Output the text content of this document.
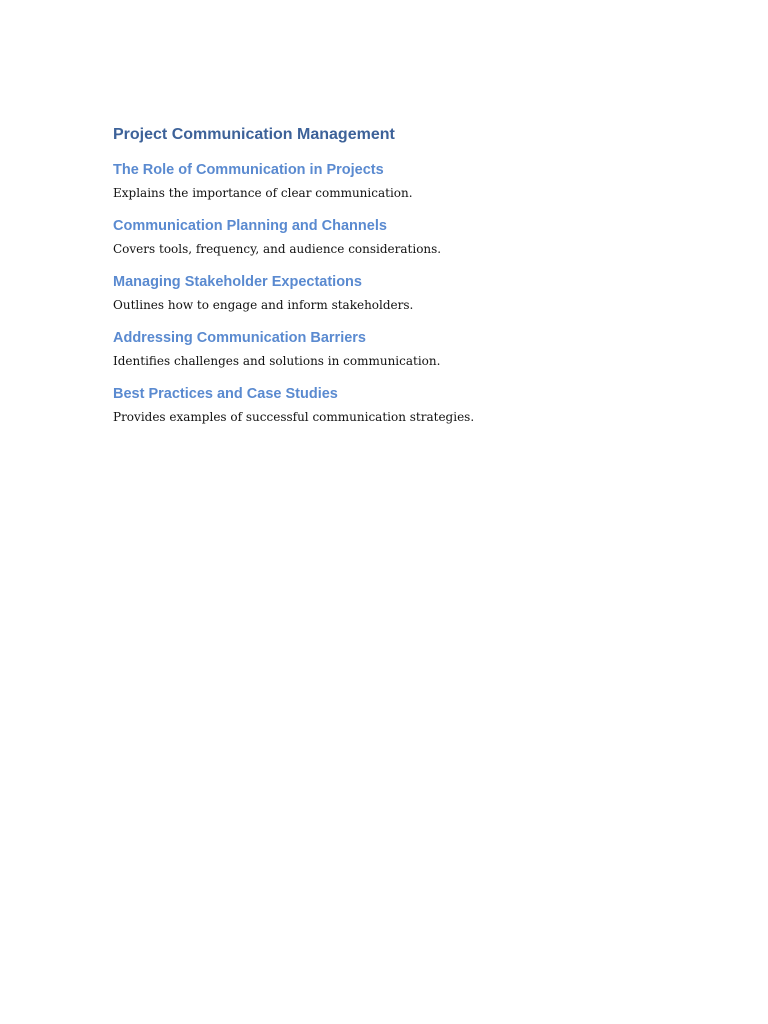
Project Communication Management
The Role of Communication in Projects

Explains the importance of clear communication.

Communication Planning and Channels

Covers tools, frequency, and audience considerations.

Managing Stakeholder Expectations

Outlines how to engage and inform stakeholders.

Addressing Communication Barriers

Identifies challenges and solutions in communication.

Best Practices and Case Studies

Provides examples of successful communication strategies.
